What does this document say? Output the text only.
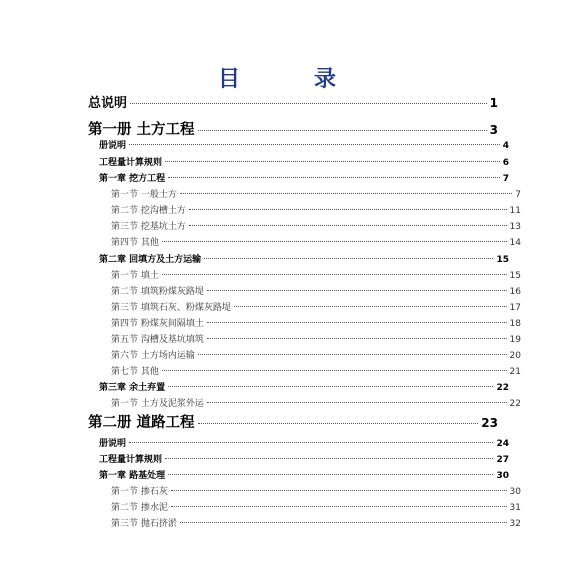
目　录
总说明	1
第一册 土方工程	3
册说明	4
工程量计算规则	6
第一章 挖方工程	7
第一节 一般土方	7
第二节 挖沟槽土方	11
第三节 挖基坑土方	13
第四节 其他	14
第二章 回填方及土方运输	15
第一节 填土	15
第二节 填筑粉煤灰路堤	16
第三节 填筑石灰、粉煤灰路堤	17
第四节 粉煤灰间隔填土	18
第五节 沟槽及基坑填筑	19
第六节 土方场内运输	20
第七节 其他	21
第三章 余土弃置	22
第一节 土方及泥浆外运	22
第二册 道路工程	23
册说明	24
工程量计算规则	27
第一章 路基处理	30
第一节 掺石灰	30
第二节 掺水泥	31
第三节 抛石挤淤	32
